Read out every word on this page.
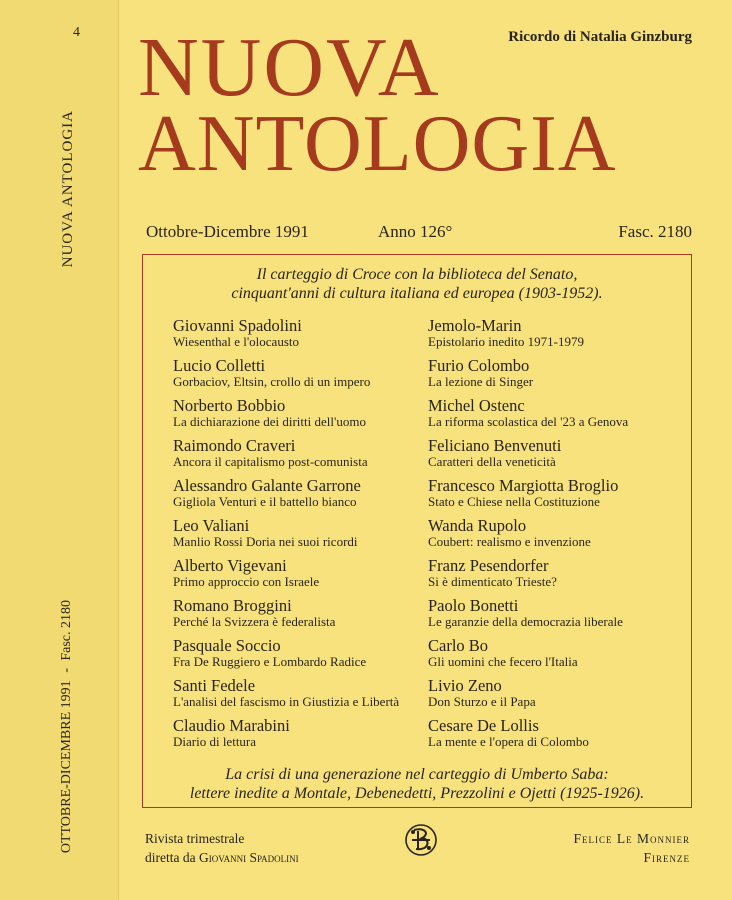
4
NUOVA ANTOLOGIA
OTTOBRE-DICEMBRE 1991 - Fasc. 2180
Ricordo di Natalia Ginzburg
NUOVA
ANTOLOGIA
Ottobre-Dicembre 1991	Anno 126°	Fasc. 2180
Il carteggio di Croce con la biblioteca del Senato,
cinquant'anni di cultura italiana ed europea (1903-1952).
Giovanni Spadolini
Wiesenthal e l'olocausto
Lucio Colletti
Gorbaciov, Eltsin, crollo di un impero
Norberto Bobbio
La dichiarazione dei diritti dell'uomo
Raimondo Craveri
Ancora il capitalismo post-comunista
Alessandro Galante Garrone
Gigliola Venturi e il battello bianco
Leo Valiani
Manlio Rossi Doria nei suoi ricordi
Alberto Vigevani
Primo approccio con Israele
Romano Broggini
Perché la Svizzera è federalista
Pasquale Soccio
Fra De Ruggiero e Lombardo Radice
Santi Fedele
L'analisi del fascismo in Giustizia e Libertà
Claudio Marabini
Diario di lettura
Jemolo-Marin
Epistolario inedito 1971-1979
Furio Colombo
La lezione di Singer
Michel Ostenc
La riforma scolastica del '23 a Genova
Feliciano Benvenuti
Caratteri della veneticità
Francesco Margiotta Broglio
Stato e Chiese nella Costituzione
Wanda Rupolo
Coubert: realismo e invenzione
Franz Pesendorfer
Si è dimenticato Trieste?
Paolo Bonetti
Le garanzie della democrazia liberale
Carlo Bo
Gli uomini che fecero l'Italia
Livio Zeno
Don Sturzo e il Papa
Cesare De Lollis
La mente e l'opera di Colombo
La crisi di una generazione nel carteggio di Umberto Saba:
lettere inedite a Montale, Debenedetti, Prezzolini e Ojetti (1925-1926).
Rivista trimestrale
diretta da Giovanni Spadolini
Felice Le Monnier
Firenze
